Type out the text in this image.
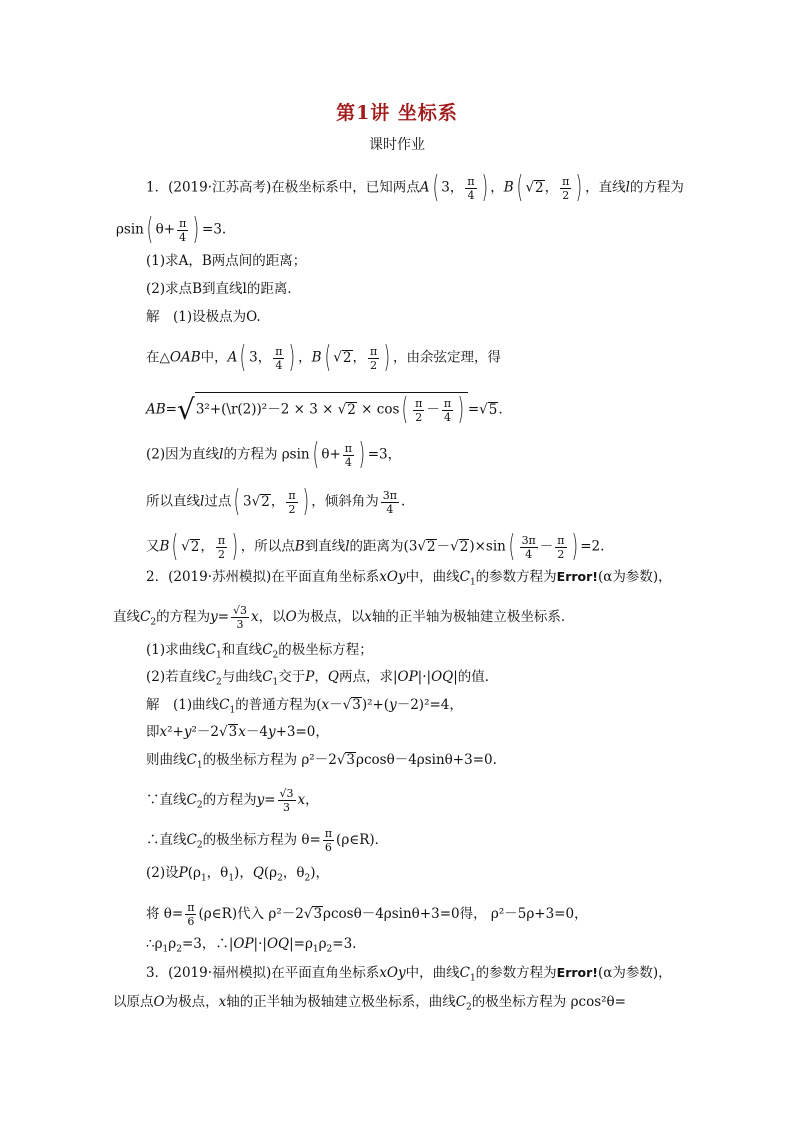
第1讲 坐标系
课时作业
1．(2019·江苏高考)在极坐标系中，已知两点A( 3， $\frac{\pi}{4}$ ) ，B( √2， $\frac{\pi}{2}$ ) ，直线l的方程为
ρsin( $\theta+ \frac{\pi}{4}$ ) =3.
(1)求A，B两点间的距离；
(2)求点B到直线l的距离．
解　(1)设极点为O.
在△OAB中，A( 3， $\frac{\pi}{4}$ ) ，B( √2， $\frac{\pi}{2}$ ) ，由余弦定理，得
AB=√3²+(\r(2))²－2 × $3 \times √2 \times \cos( \frac{\pi}{2} - \frac{\pi}{4}$ ) =√5.
(2)因为直线l的方程为 ρsin( $\theta+ \frac{\pi}{4}$ ) =3，
所以直线l过点( 3√2， $\frac{\pi}{2}$ ) ，倾斜角为 $\frac{3\pi}{4}$ .
又B( √2， $\frac{\pi}{2}$ ) ，所以点B到直线l的距离为$(3√2-√2)\times\sin( \frac{3\pi}{4} - \frac{\pi}{2}$ ) =2.
2．(2019·苏州模拟)在平面直角坐标系xOy中，曲线$C_1$的参数方程为Error!(α为参数)，
直线$C_2$的方程为$y= \frac{√3}{3}$ x，以O为极点，以x轴的正半轴为极轴建立极坐标系．
(1)求曲线$C_1$和直线$C_2$的极坐标方程；
(2)若直线$C_2$与曲线$C_1$交于P，Q两点，求|OP|·|OQ|的值．
解　(1)曲线$C_1$的普通方程为(x－√3)²+(y－2)²=4，
即x²+y²－2√3x－4y+3=0，
则曲线$C_1$的极坐标方程为 ρ²－2√3ρcosθ－4ρsinθ+3=0.
∵直线$C_2$的方程为$y= \frac{√3}{3}$ x，
∴直线$C_2$的极坐标方程为 $\theta= \frac{\pi}{6}$ (ρ∈R)．
(2)设$P(\rho_1$，$\theta_1$)，$Q(\rho_2$，$\theta_2$)，
将 $\theta= \frac{\pi}{6}$ (ρ∈R)代入 ρ²－2√3ρcosθ－4ρsinθ+3=0得， ρ²－5ρ+3=0，
$\therefore\rho_1\rho_2=3$，$\therefore|OP|\cdot|OQ|=\rho_1\rho_2=3$.
3．(2019·福州模拟)在平面直角坐标系xOy中，曲线$C_1$的参数方程为Error!(α为参数)，
以原点O为极点，x轴的正半轴为极轴建立极坐标系，曲线$C_2$的极坐标方程为 ρcos²θ=
